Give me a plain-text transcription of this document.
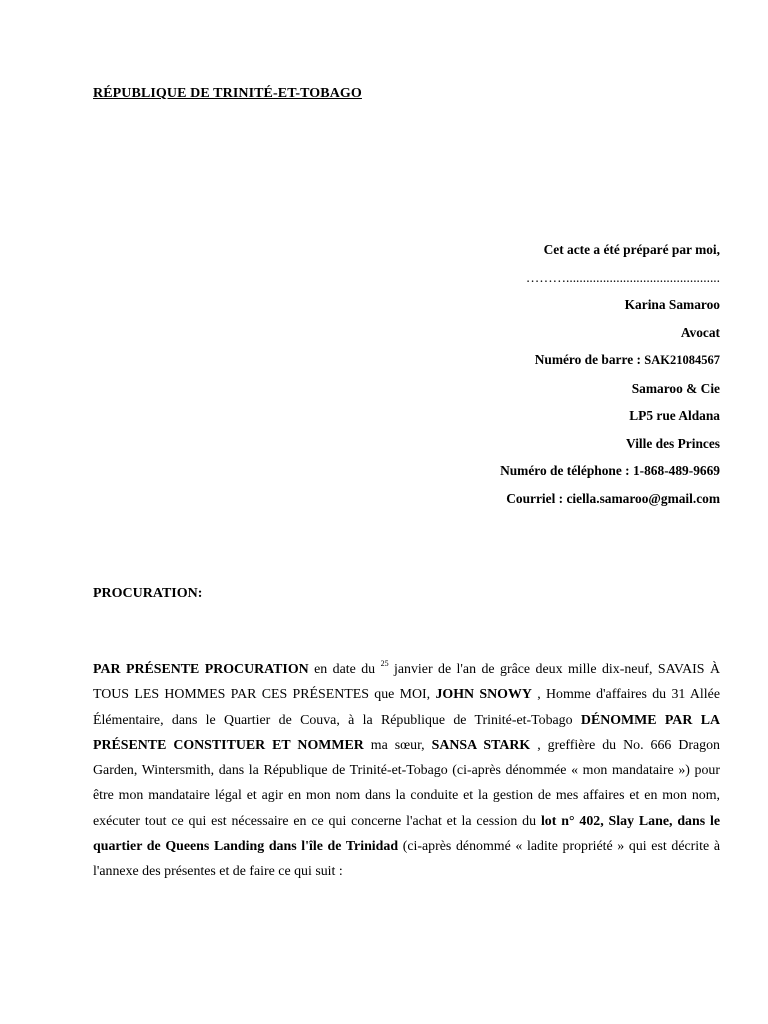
RÉPUBLIQUE DE TRINITÉ-ET-TOBAGO
Cet acte a été préparé par moi,
………..............................................
Karina Samaroo
Avocat
Numéro de barre : SAK21084567
Samaroo & Cie
LP5 rue Aldana
Ville des Princes
Numéro de téléphone : 1-868-489-9669
Courriel : ciella.samaroo@gmail.com
PROCURATION:
PAR PRÉSENTE PROCURATION en date du $^{25}$ janvier de l'an de grâce deux mille dix-neuf, SAVAIS À TOUS LES HOMMES PAR CES PRÉSENTES que MOI, JOHN SNOWY , Homme d'affaires du 31 Allée Élémentaire, dans le Quartier de Couva, à la République de Trinité-et-Tobago DÉNOMME PAR LA PRÉSENTE CONSTITUER ET NOMMER ma sœur, SANSA STARK , greffière du No. 666 Dragon Garden, Wintersmith, dans la République de Trinité-et-Tobago (ci-après dénommée « mon mandataire ») pour être mon mandataire légal et agir en mon nom dans la conduite et la gestion de mes affaires et en mon nom, exécuter tout ce qui est nécessaire en ce qui concerne l'achat et la cession du lot n° 402, Slay Lane, dans le quartier de Queens Landing dans l'île de Trinidad (ci-après dénommé « ladite propriété » qui est décrite à l'annexe des présentes et de faire ce qui suit :
